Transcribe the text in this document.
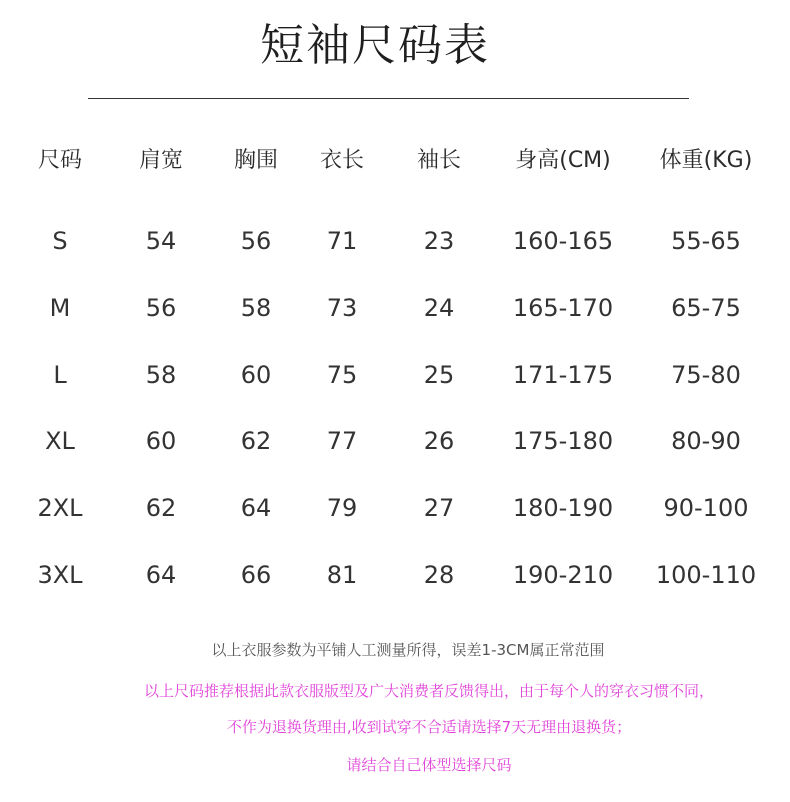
短袖尺码表
尺码	肩宽	胸围	衣长	袖长	身高(CM)	体重(KG)
S	54	56	71	23	160-165	55-65
M	56	58	73	24	165-170	65-75
L	58	60	75	25	171-175	75-80
XL	60	62	77	26	175-180	80-90
2XL	62	64	79	27	180-190	90-100
3XL	64	66	81	28	190-210	100-110
以上衣服参数为平铺人工测量所得，误差1-3CM属正常范围
以上尺码推荐根据此款衣服版型及广大消费者反馈得出，由于每个人的穿衣习惯不同，
不作为退换货理由,收到试穿不合适请选择7天无理由退换货；
请结合自己体型选择尺码
